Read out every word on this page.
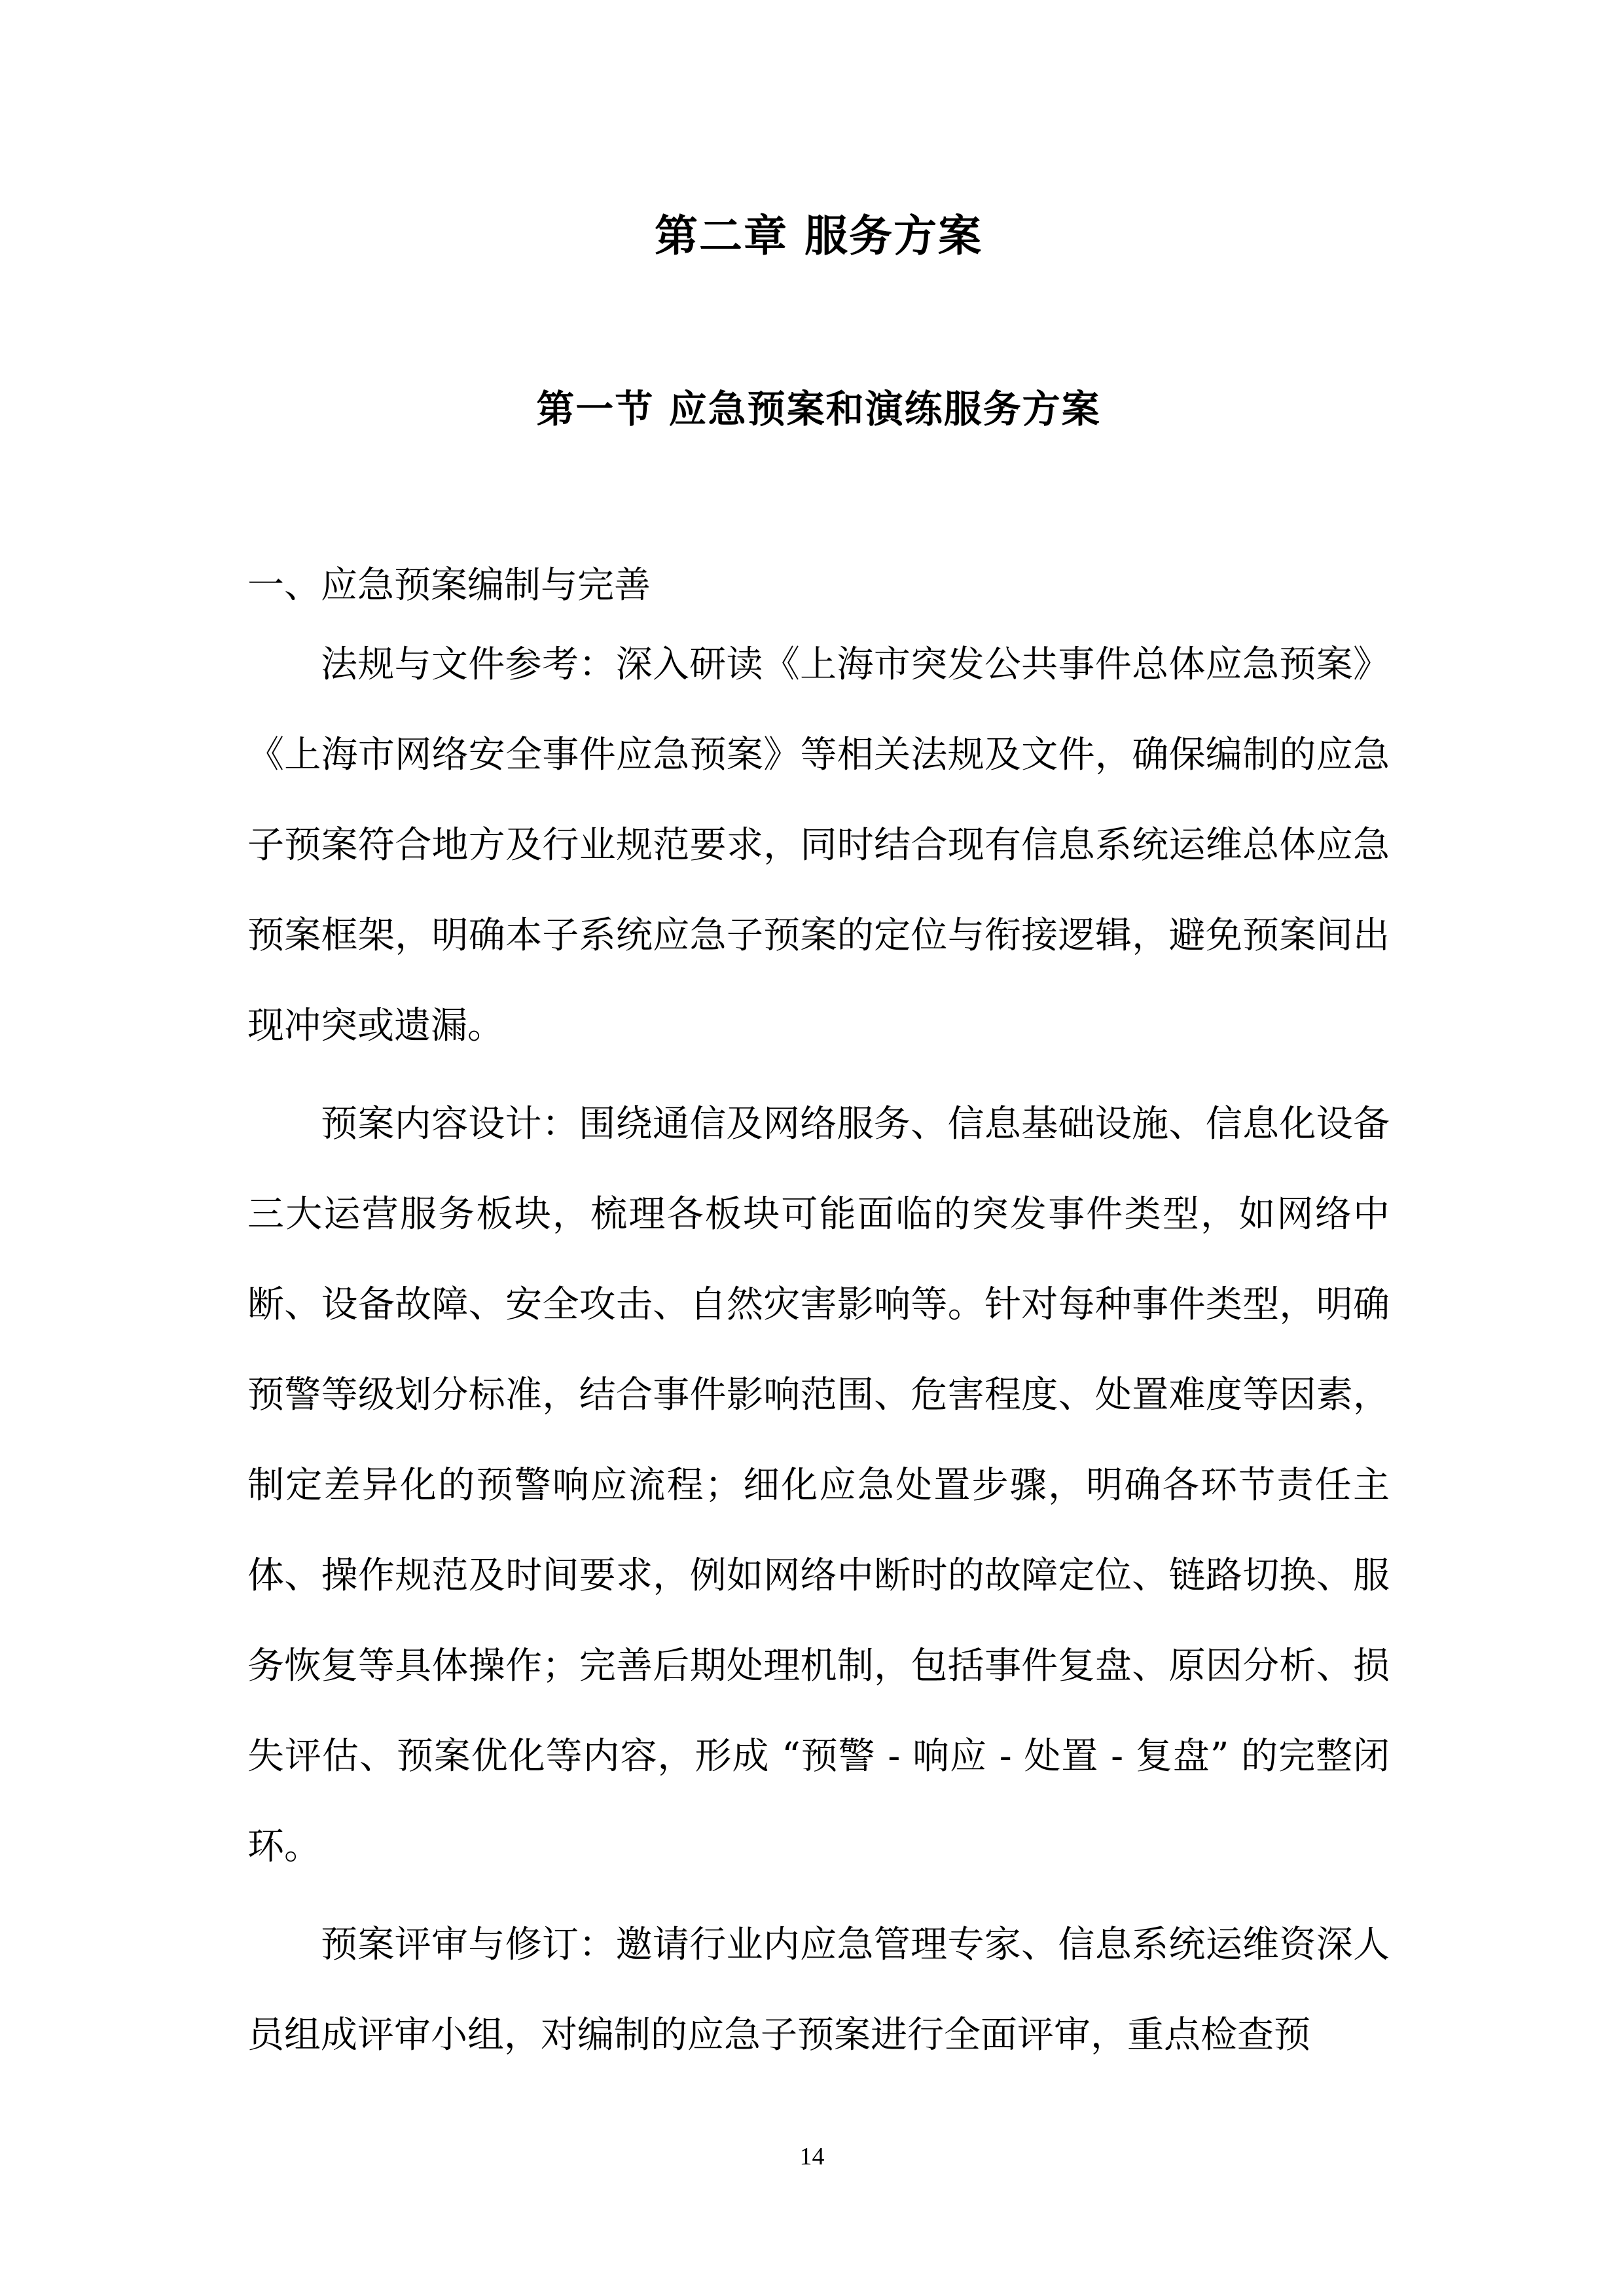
第二章 服务方案
第一节 应急预案和演练服务方案
一、应急预案编制与完善

法规与文件参考：深入研读《上海市突发公共事件总体应急预案》《上海市网络安全事件应急预案》等相关法规及文件，确保编制的应急子预案符合地方及行业规范要求，同时结合现有信息系统运维总体应急预案框架，明确本子系统应急子预案的定位与衔接逻辑，避免预案间出现冲突或遗漏。

预案内容设计：围绕通信及网络服务、信息基础设施、信息化设备三大运营服务板块，梳理各板块可能面临的突发事件类型，如网络中断、设备故障、安全攻击、自然灾害影响等。针对每种事件类型，明确预警等级划分标准，结合事件影响范围、危害程度、处置难度等因素，制定差异化的预警响应流程；细化应急处置步骤，明确各环节责任主体、操作规范及时间要求，例如网络中断时的故障定位、链路切换、服务恢复等具体操作；完善后期处理机制，包括事件复盘、原因分析、损失评估、预案优化等内容，形成 “预警 - 响应 - 处置 - 复盘” 的完整闭环。

预案评审与修订：邀请行业内应急管理专家、信息系统运维资深人员组成评审小组，对编制的应急子预案进行全面评审，重点检查预

14
